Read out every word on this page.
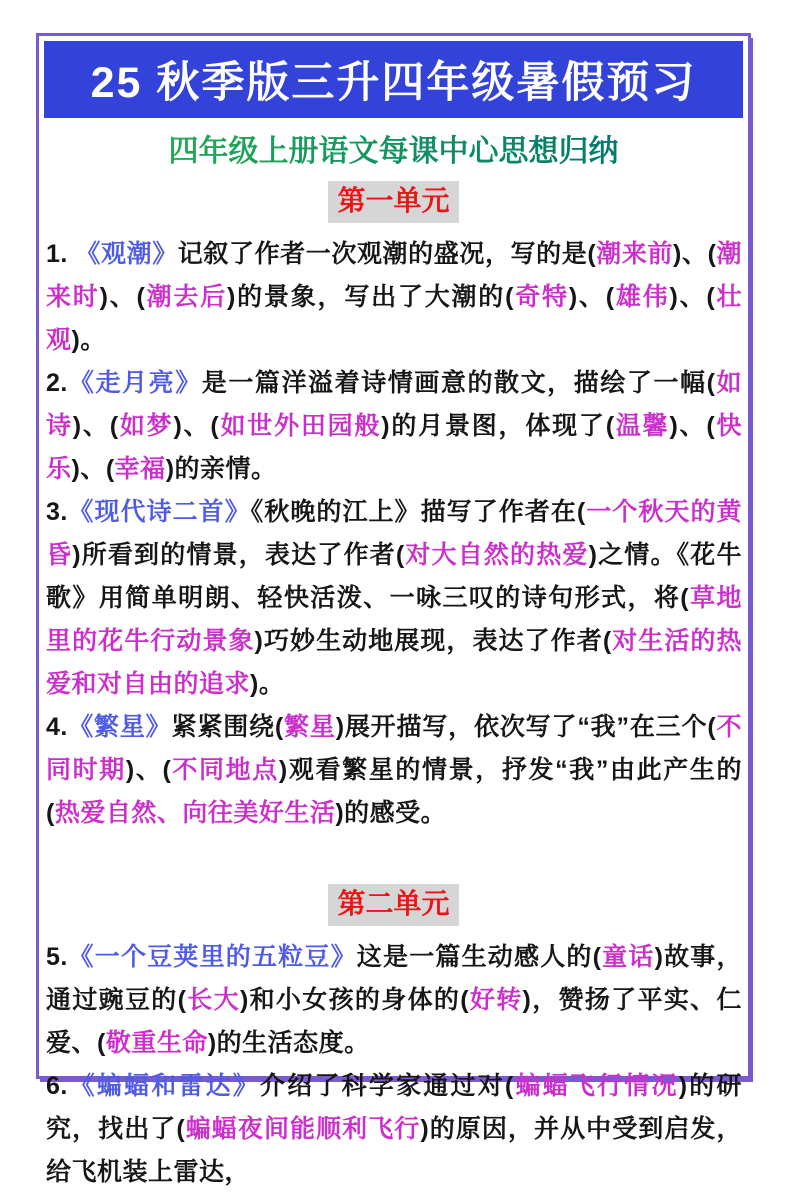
25 秋季版三升四年级暑假预习
四年级上册语文每课中心思想归纳
第一单元

1. 《观潮》记叙了作者一次观潮的盛况，写的是(潮来前)、(潮来时)、(潮去后)的景象，写出了大潮的(奇特)、(雄伟)、(壮观)。

2.《走月亮》是一篇洋溢着诗情画意的散文，描绘了一幅(如诗)、(如梦)、(如世外田园般)的月景图，体现了(温馨)、(快乐)、(幸福)的亲情。

3.《现代诗二首》《秋晚的江上》描写了作者在(一个秋天的黄昏)所看到的情景，表达了作者(对大自然的热爱)之情。《花牛歌》用简单明朗、轻快活泼、一咏三叹的诗句形式，将(草地里的花牛行动景象)巧妙生动地展现，表达了作者(对生活的热爱和对自由的追求)。

4.《繁星》紧紧围绕(繁星)展开描写，依次写了“我”在三个(不同时期)、(不同地点)观看繁星的情景，抒发“我”由此产生的(热爱自然、向往美好生活)的感受。

第二单元

5.《一个豆荚里的五粒豆》这是一篇生动感人的(童话)故事，通过豌豆的(长大)和小女孩的身体的(好转)，赞扬了平实、仁爱、(敬重生命)的生活态度。

6.《蝙蝠和雷达》介绍了科学家通过对(蝙蝠飞行情况)的研究，找出了(蝙蝠夜间能顺利飞行)的原因，并从中受到启发，给飞机装上雷达，
